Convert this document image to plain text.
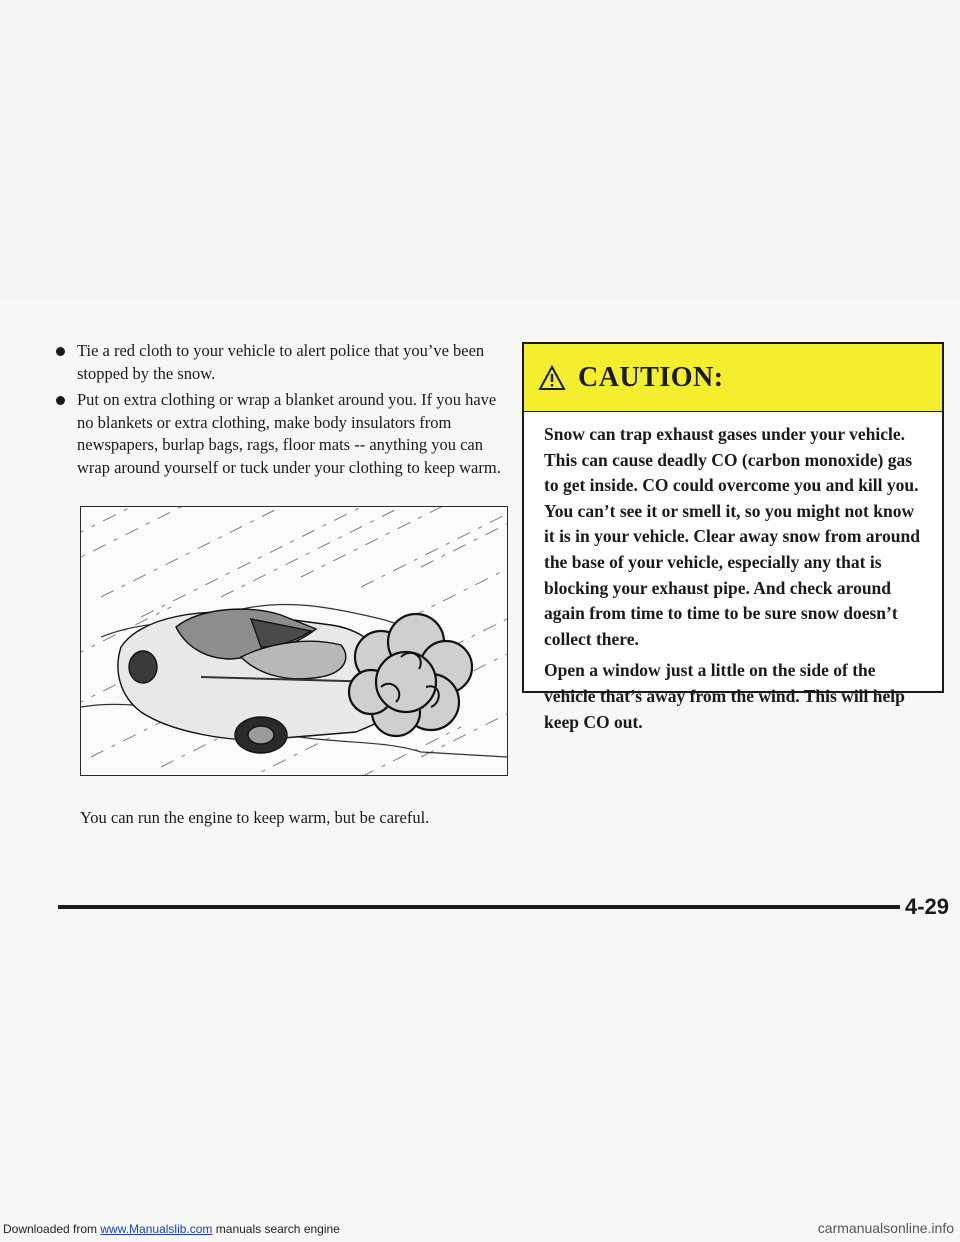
Tie a red cloth to your vehicle to alert police that you’ve been stopped by the snow.
Put on extra clothing or wrap a blanket around you. If you have no blankets or extra clothing, make body insulators from newspapers, burlap bags, rags, floor mats -- anything you can wrap around yourself or tuck under your clothing to keep warm.
You can run the engine to keep warm, but be careful.
CAUTION:

Snow can trap exhaust gases under your vehicle. This can cause deadly CO (carbon monoxide) gas to get inside. CO could overcome you and kill you. You can’t see it or smell it, so you might not know it is in your vehicle. Clear away snow from around the base of your vehicle, especially any that is blocking your exhaust pipe. And check around again from time to time to be sure snow doesn’t collect there.

Open a window just a little on the side of the vehicle that’s away from the wind. This will help keep CO out.

4-29
Downloaded from www.Manualslib.com manuals search engine	carmanualsonline.info
